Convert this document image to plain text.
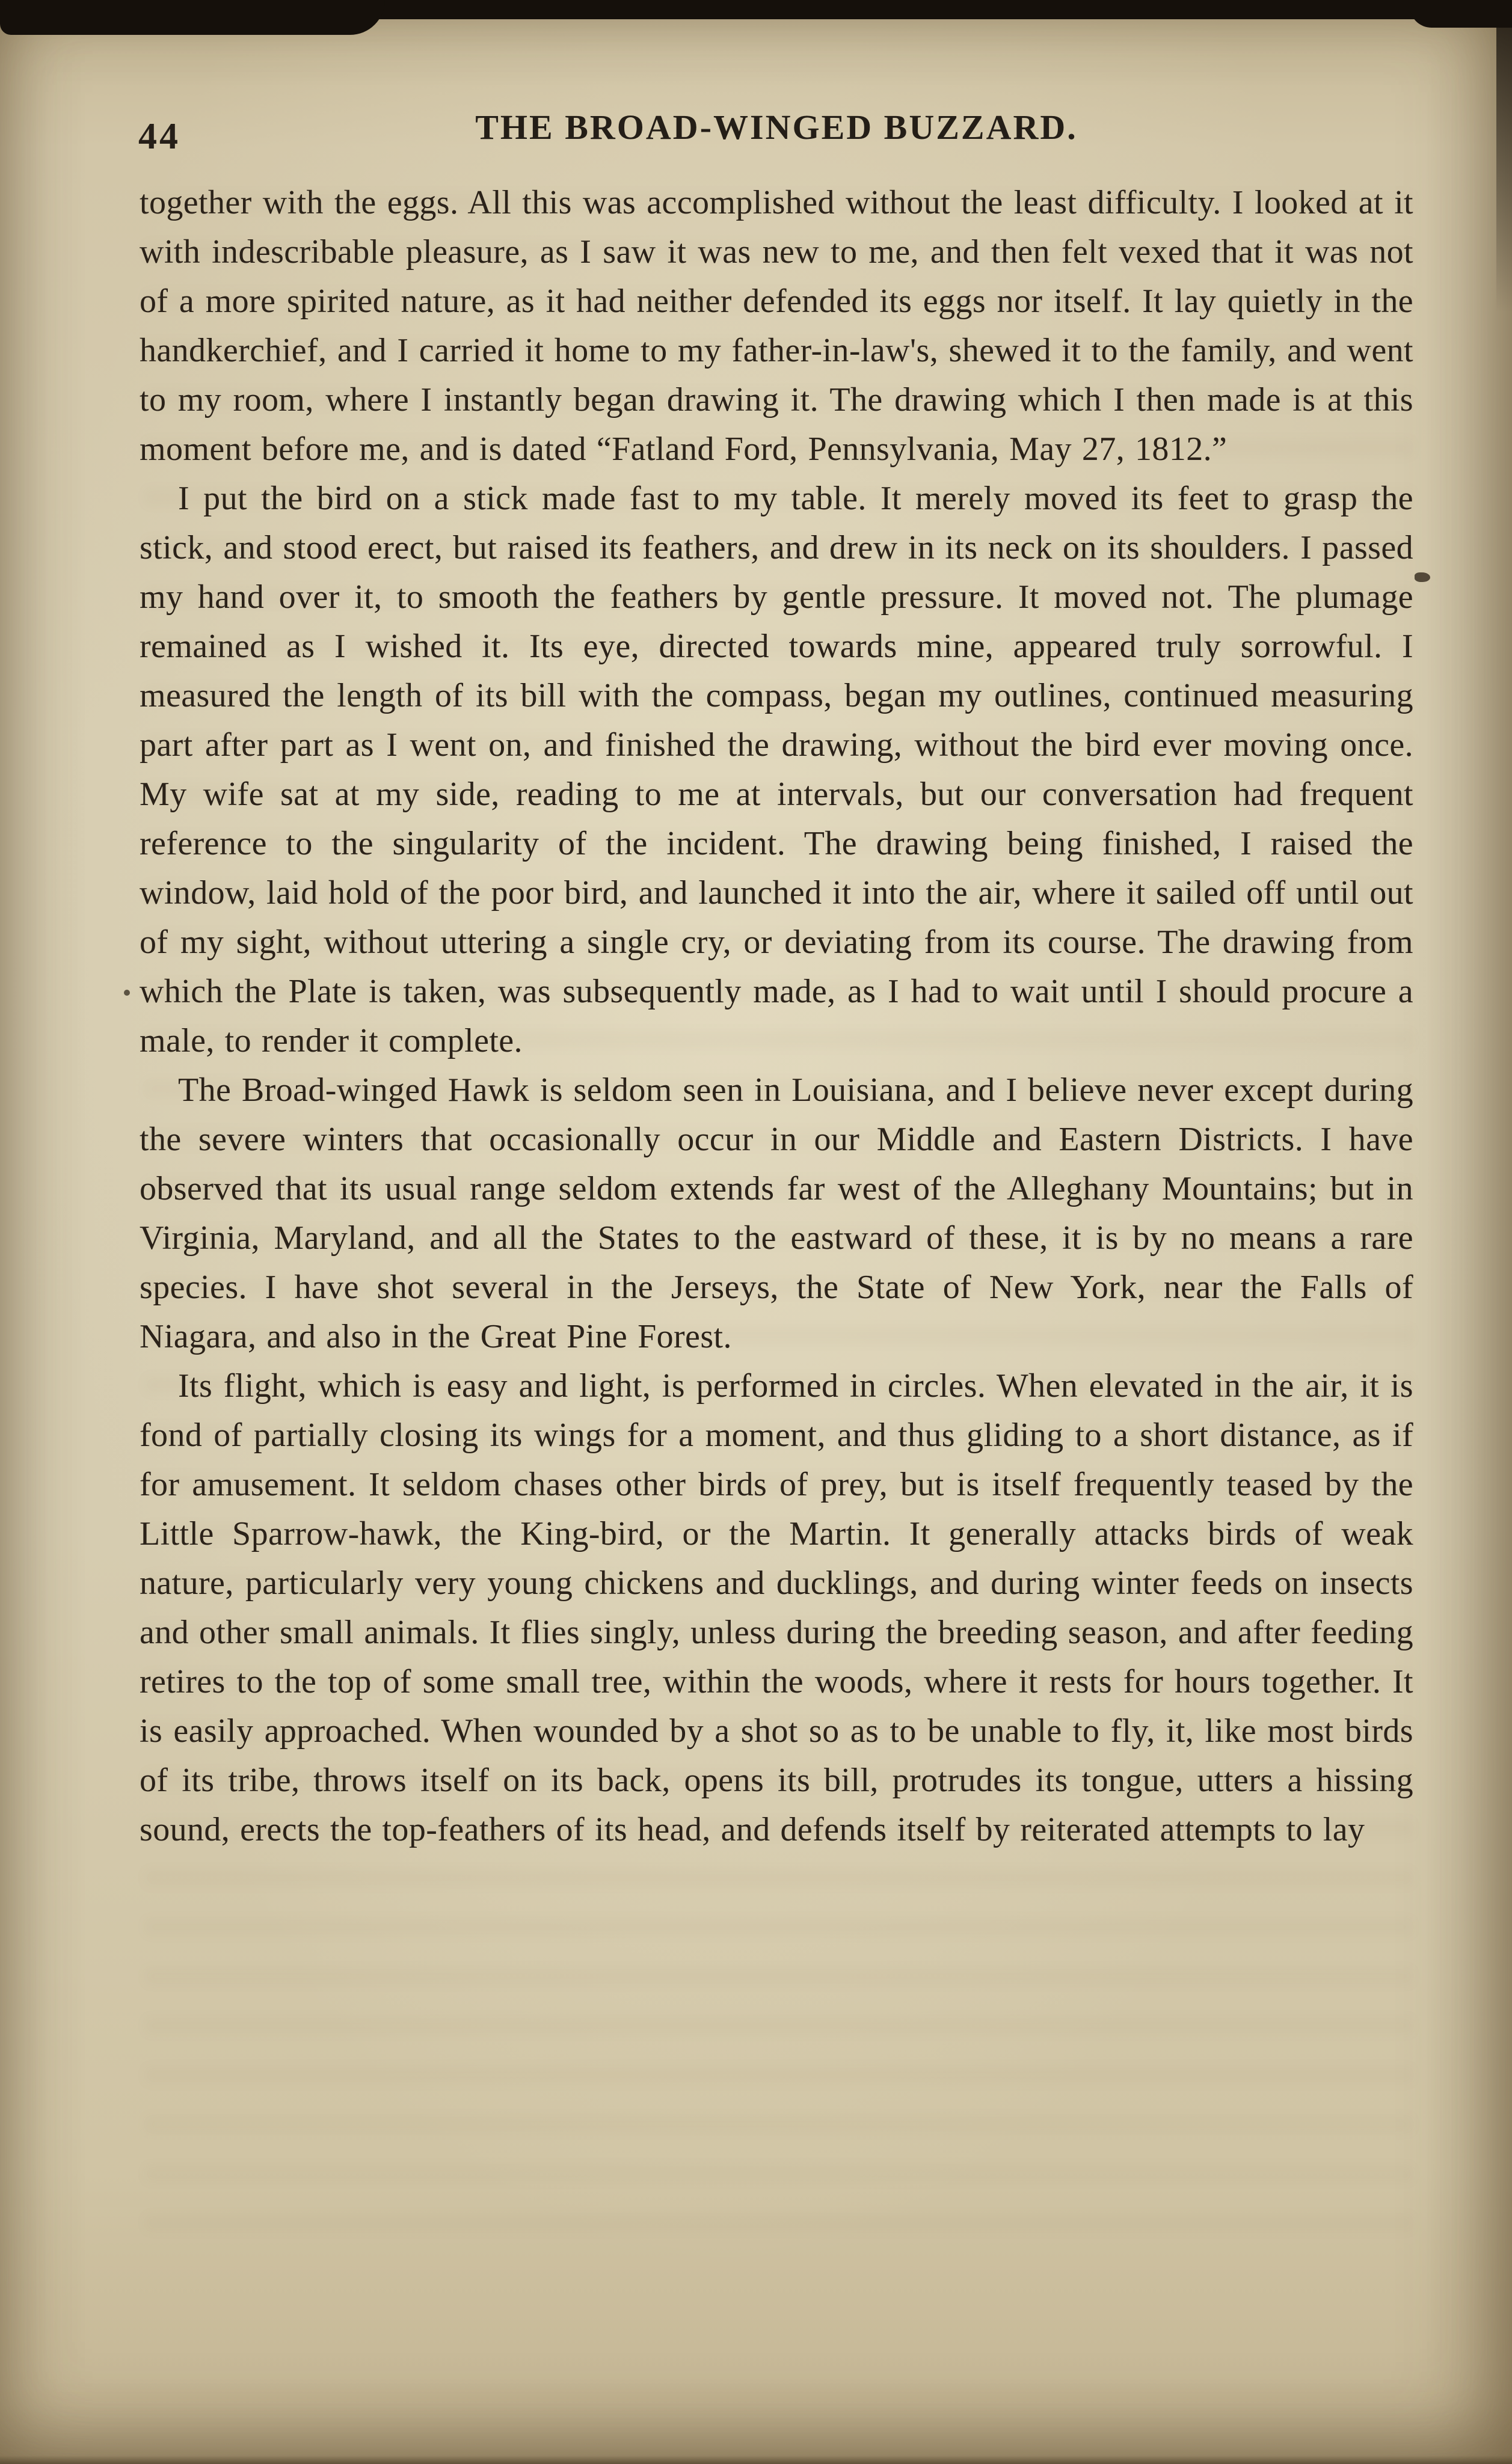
44	THE BROAD-WINGED BUZZARD.

together with the eggs. All this was accomplished without the least difficulty. I looked at it with indescribable pleasure, as I saw it was new to me, and then felt vexed that it was not of a more spirited nature, as it had neither defended its eggs nor itself. It lay quietly in the handkerchief, and I carried it home to my father-in-law's, shewed it to the family, and went to my room, where I instantly began drawing it. The drawing which I then made is at this moment before me, and is dated “Fatland Ford, Pennsylvania, May 27, 1812.”

I put the bird on a stick made fast to my table. It merely moved its feet to grasp the stick, and stood erect, but raised its feathers, and drew in its neck on its shoulders. I passed my hand over it, to smooth the feathers by gentle pressure. It moved not. The plumage remained as I wished it. Its eye, directed towards mine, appeared truly sorrowful. I measured the length of its bill with the compass, began my outlines, continued measuring part after part as I went on, and finished the drawing, without the bird ever moving once. My wife sat at my side, reading to me at intervals, but our conversation had frequent reference to the singularity of the incident. The drawing being finished, I raised the window, laid hold of the poor bird, and launched it into the air, where it sailed off until out of my sight, without uttering a single cry, or deviating from its course. The drawing from which the Plate is taken, was subsequently made, as I had to wait until I should procure a male, to render it complete.

The Broad-winged Hawk is seldom seen in Louisiana, and I believe never except during the severe winters that occasionally occur in our Middle and Eastern Districts. I have observed that its usual range seldom extends far west of the Alleghany Mountains; but in Virginia, Maryland, and all the States to the eastward of these, it is by no means a rare species. I have shot several in the Jerseys, the State of New York, near the Falls of Niagara, and also in the Great Pine Forest.

Its flight, which is easy and light, is performed in circles. When elevated in the air, it is fond of partially closing its wings for a moment, and thus gliding to a short distance, as if for amusement. It seldom chases other birds of prey, but is itself frequently teased by the Little Sparrow-hawk, the King-bird, or the Martin. It generally attacks birds of weak nature, particularly very young chickens and ducklings, and during winter feeds on insects and other small animals. It flies singly, unless during the breeding season, and after feeding retires to the top of some small tree, within the woods, where it rests for hours together. It is easily approached. When wounded by a shot so as to be unable to fly, it, like most birds of its tribe, throws itself on its back, opens its bill, protrudes its tongue, utters a hissing sound, erects the top-feathers of its head, and defends itself by reiterated attempts to lay
